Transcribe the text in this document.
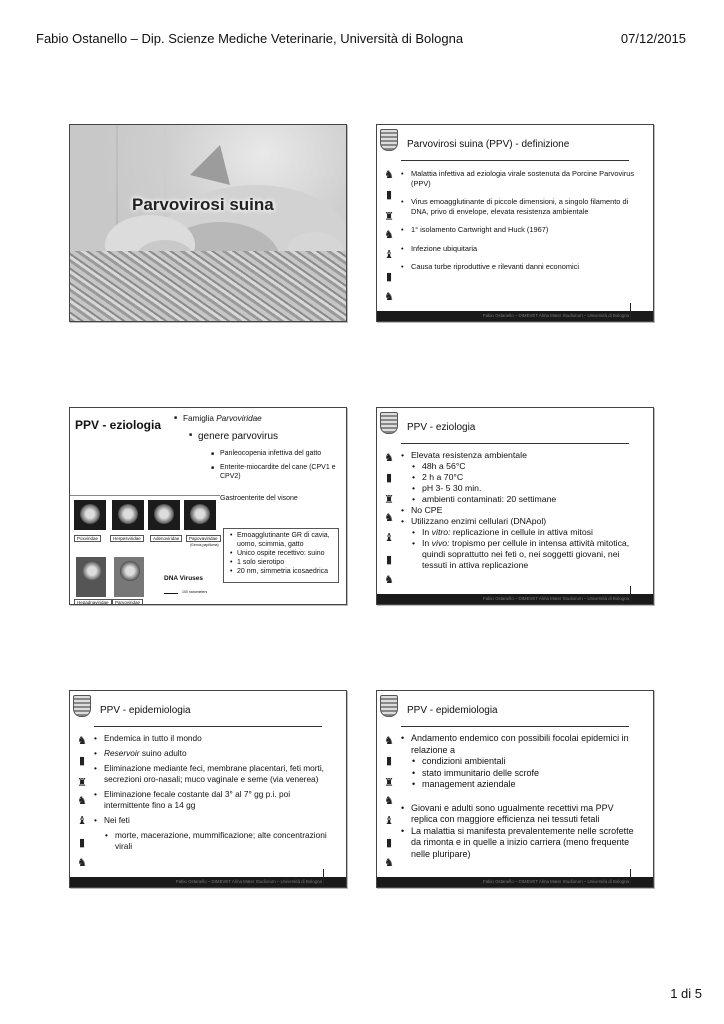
Fabio Ostanello – Dip. Scienze Mediche Veterinarie, Università di Bologna	07/12/2015
Parvovirosi suina
♞
▮
♜
♞
♝
▮
♞
Parvovirosi suina (PPV) - definizione
• Malattia infettiva ad eziologia virale sostenuta da Porcine Parvovirus (PPV)
• Virus emoagglutinante di piccole dimensioni, a singolo filamento di DNA, privo di envelope, elevata resistenza ambientale
• 1° isolamento Cartwright and Huck (1967)
• Infezione ubiquitaria
• Causa turbe riproduttive e rilevanti danni economici
Fabio Ostanello – DIMEVET Alma Mater Studiorum – Università di Bologna
PPV - eziologia
■	Famiglia Parvoviridae
■ genere parvovirus
■ Panleocopenia infettiva del gatto
■ Enterite-miocardite del cane (CPV1 e CPV2)
Gastroenterite del visone
Poxviridae	Herpesviridae	Adenoviridae	Papovaviridae
(Genus papilloma)
Hepadnaviridae	Parvoviridae
DNA Viruses
100 nanometers
• Emoagglutinante GR di cavia, uomo, scimmia, gatto
• Unico ospite recettivo: suino
• 1 solo sierotipo
• 20 nm, simmetria icosaedrica
♞
▮
♜
♞
♝
▮
♞
PPV - eziologia
• Elevata resistenza ambientale
• 48h a 56°C
• 2 h a 70°C
• pH 3- 5 30 min.
• ambienti contaminati: 20 settimane
• No CPE
• Utilizzano enzimi cellulari (DNApol)
• In vitro: replicazione in cellule in attiva mitosi
• In vivo: tropismo per cellule in intensa attività mitotica, quindi soprattutto nei feti o, nei soggetti giovani, nei tessuti in attiva replicazione
Fabio Ostanello – DIMEVET Alma Mater Studiorum – Università di Bologna
♞
▮
♜
♞
♝
▮
♞
PPV - epidemiologia
• Endemica in tutto il mondo
• Reservoir suino adulto
• Eliminazione mediante feci, membrane placentari, feti morti, secrezioni oro-nasali; muco vaginale e seme (via venerea)
• Eliminazione fecale costante dal 3° al 7° gg p.i. poi intermittente fino a 14 gg
• Nei feti
• morte, macerazione, mummificazione; alte concentrazioni virali
Fabio Ostanello – DIMEVET Alma Mater Studiorum – Università di Bologna
♞
▮
♜
♞
♝
▮
♞
PPV - epidemiologia
• Andamento endemico con possibili focolai epidemici in relazione a
• condizioni ambientali
• stato immunitario delle scrofe
• management aziendale
• Giovani e adulti sono ugualmente recettivi ma PPV replica con maggiore efficienza nei tessuti fetali
• La malattia si manifesta prevalentemente nelle scrofette da rimonta e in quelle a inizio carriera (meno frequente nelle pluripare)
Fabio Ostanello – DIMEVET Alma Mater Studiorum – Università di Bologna
1 di 5
